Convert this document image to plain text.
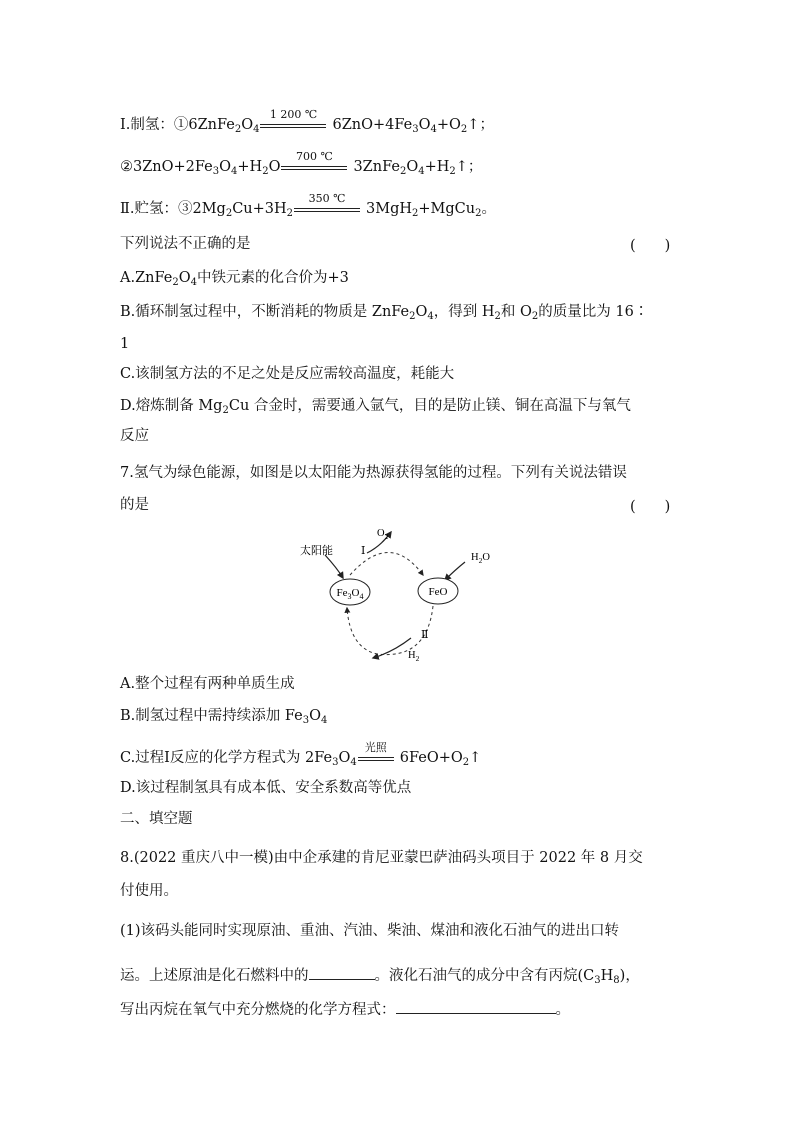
Ⅰ.制氢：$①6ZnFe_2O_4$
1 200 ℃
$6ZnO+4Fe_3O_4+O_2↑$；
$②3ZnO+2Fe_3O_4+H_2O$
700 ℃
$3ZnFe_2O_4+H_2↑$；
Ⅱ.贮氢：$③2Mg_2Cu+3H_2$
350 ℃
3MgH$_2$+MgCu$_2$。
下列说法不正确的是	(　　)
$A.ZnFe_2O_4$中铁元素的化合价为+3
B.循环制氢过程中，不断消耗的物质是 $ZnFe_2O_4$，得到 $H_2$和 $O_2$的质量比为 16∶
1
C.该制氢方法的不足之处是反应需较高温度，耗能大
D.熔炼制备 $Mg_2Cu$ 合金时，需要通入氩气，目的是防止镁、铜在高温下与氧气
反应
7.氢气为绿色能源，如图是以太阳能为热源获得氢能的过程。下列有关说法错误
的是	(　　)
$Fe_3O_4$	FeO
太阳能	Ⅰ
$O_2$
$H_2O$
Ⅱ
$H_2$
A.整个过程有两种单质生成
B.制氢过程中需持续添加 $Fe_3O_4$
C.过程Ⅰ反应的化学方程式为 $2Fe_3O_4$
光照
$6FeO+O_2↑$
D.该过程制氢具有成本低、安全系数高等优点
二、填空题
8.(2022 重庆八中一模)由中企承建的肯尼亚蒙巴萨油码头项目于 2022 年 8 月交
付使用。
(1)该码头能同时实现原油、重油、汽油、柴油、煤油和液化石油气的进出口转
运。上述原油是化石燃料中的	。液化石油气的成分中含有丙烷$(C_3H_8)$，
写出丙烷在氧气中充分燃烧的化学方程式：	。
